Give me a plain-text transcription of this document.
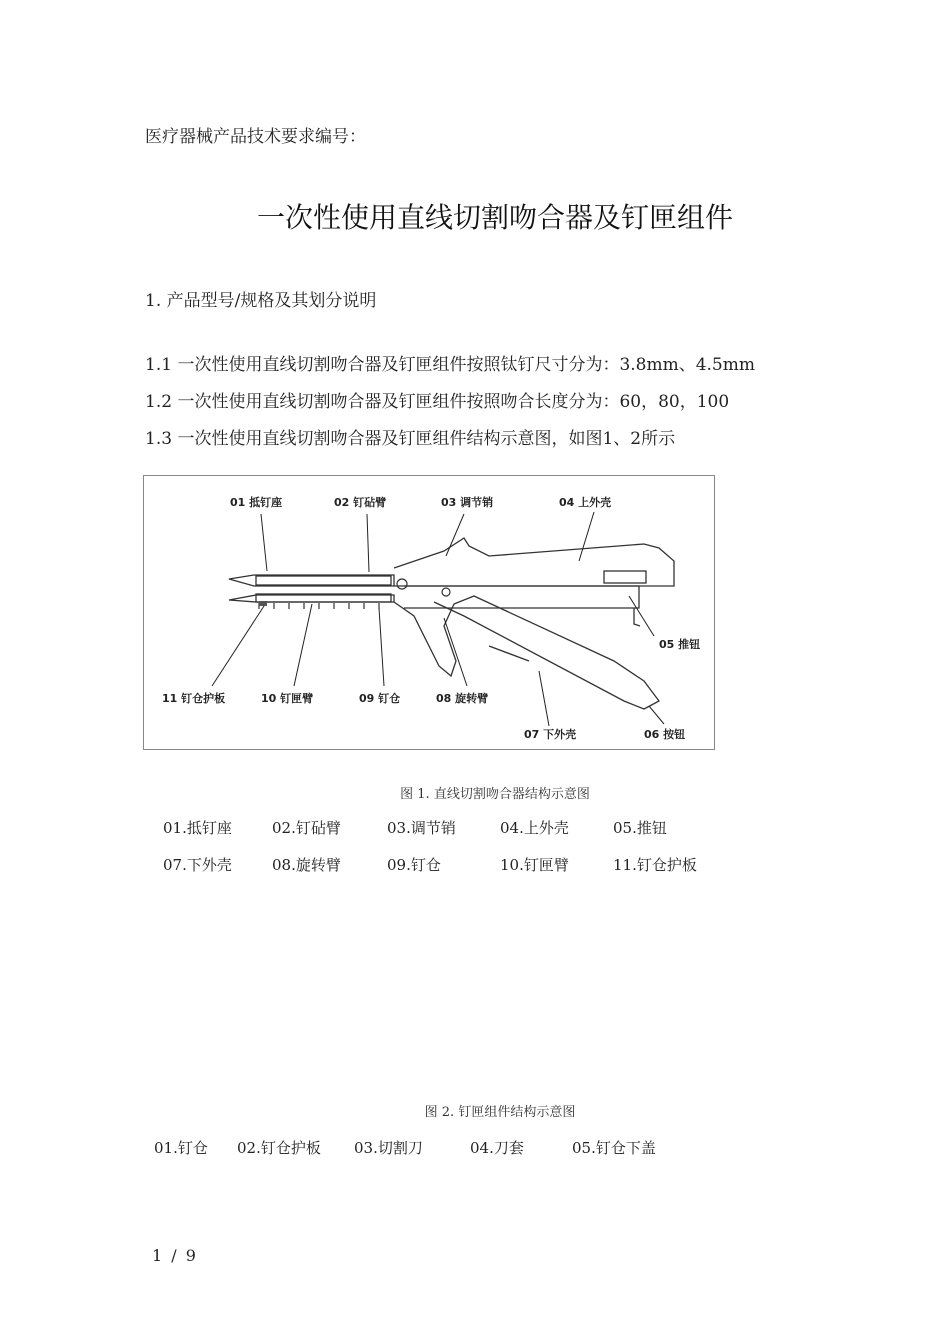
医疗器械产品技术要求编号：
一次性使用直线切割吻合器及钉匣组件
1. 产品型号/规格及其划分说明
1.1 一次性使用直线切割吻合器及钉匣组件按照钛钉尺寸分为：3.8mm、4.5mm
1.2 一次性使用直线切割吻合器及钉匣组件按照吻合长度分为：60，80，100
1.3 一次性使用直线切割吻合器及钉匣组件结构示意图，如图1、2所示
01 抵钉座	02 钉砧臂	03 调节销	04 上外壳
05 推钮
06 按钮
07 下外壳
08 旋转臂
09 钉仓
10 钉匣臂
11 钉仓护板
图 1. 直线切割吻合器结构示意图
01.抵钉座	02.钉砧臂	03.调节销	04.上外壳	05.推钮
07.下外壳	08.旋转臂	09.钉仓	10.钉匣臂	11.钉仓护板
图 2. 钉匣组件结构示意图
01.钉仓 02.钉仓护板 03.切割刀	04.刀套	05.钉仓下盖
1 / 9
